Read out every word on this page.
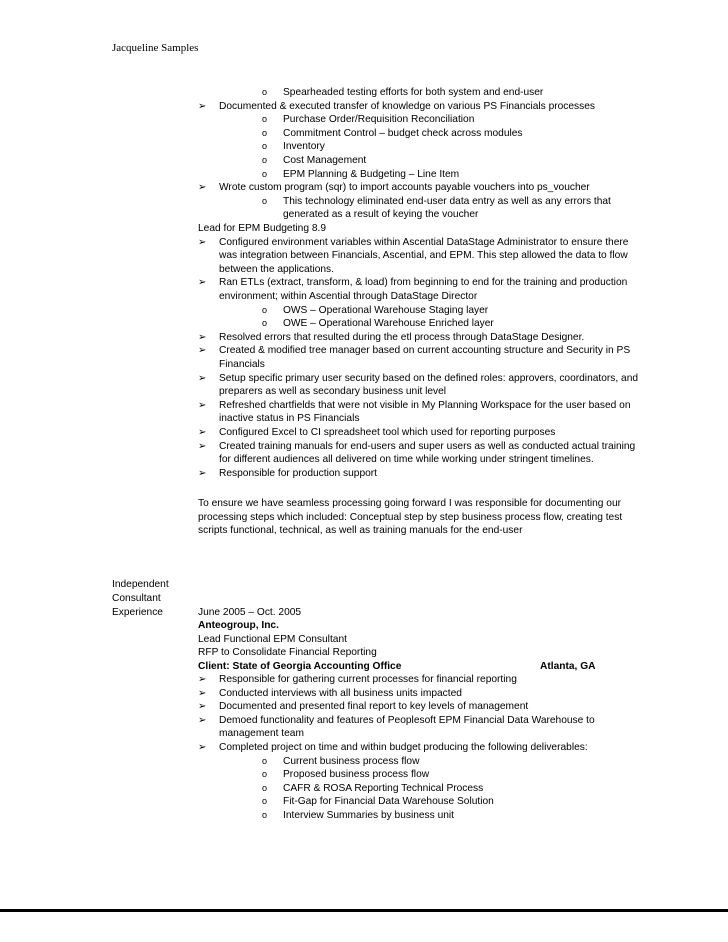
Jacqueline Samples
o Spearheaded testing efforts for both system and end-user
➢ Documented & executed transfer of knowledge on various PS Financials processes
o Purchase Order/Requisition Reconciliation
o Commitment Control – budget check across modules
o Inventory
o Cost Management
o EPM Planning & Budgeting – Line Item
➢ Wrote custom program (sqr) to import accounts payable vouchers into ps_voucher
o This technology eliminated end-user data entry as well as any errors that
generated as a result of keying the voucher
Lead for EPM Budgeting 8.9
➢ Configured environment variables within Ascential DataStage Administrator to ensure there
was integration between Financials, Ascential, and EPM. This step allowed the data to flow
between the applications.
➢ Ran ETLs (extract, transform, & load) from beginning to end for the training and production
environment; within Ascential through DataStage Director
o OWS – Operational Warehouse Staging layer
o OWE – Operational Warehouse Enriched layer
➢ Resolved errors that resulted during the etl process through DataStage Designer.
➢ Created & modified tree manager based on current accounting structure and Security in PS
Financials
➢ Setup specific primary user security based on the defined roles: approvers, coordinators, and
preparers as well as secondary business unit level
➢ Refreshed chartfields that were not visible in My Planning Workspace for the user based on
inactive status in PS Financials
➢ Configured Excel to CI spreadsheet tool which used for reporting purposes
➢ Created training manuals for end-users and super users as well as conducted actual training
for different audiences all delivered on time while working under stringent timelines.
➢ Responsible for production support
To ensure we have seamless processing going forward I was responsible for documenting our
processing steps which included: Conceptual step by step business process flow, creating test
scripts functional, technical, as well as training manuals for the end-user
Independent
Consultant
Experience	June 2005 – Oct. 2005
Anteogroup, Inc.
Lead Functional EPM Consultant
RFP to Consolidate Financial Reporting
Client: State of Georgia Accounting Office	Atlanta, GA
➢ Responsible for gathering current processes for financial reporting
➢ Conducted interviews with all business units impacted
➢ Documented and presented final report to key levels of management
➢ Demoed functionality and features of Peoplesoft EPM Financial Data Warehouse to
management team
➢ Completed project on time and within budget producing the following deliverables:
o Current business process flow
o Proposed business process flow
o CAFR & ROSA Reporting Technical Process
o Fit-Gap for Financial Data Warehouse Solution
o Interview Summaries by business unit
